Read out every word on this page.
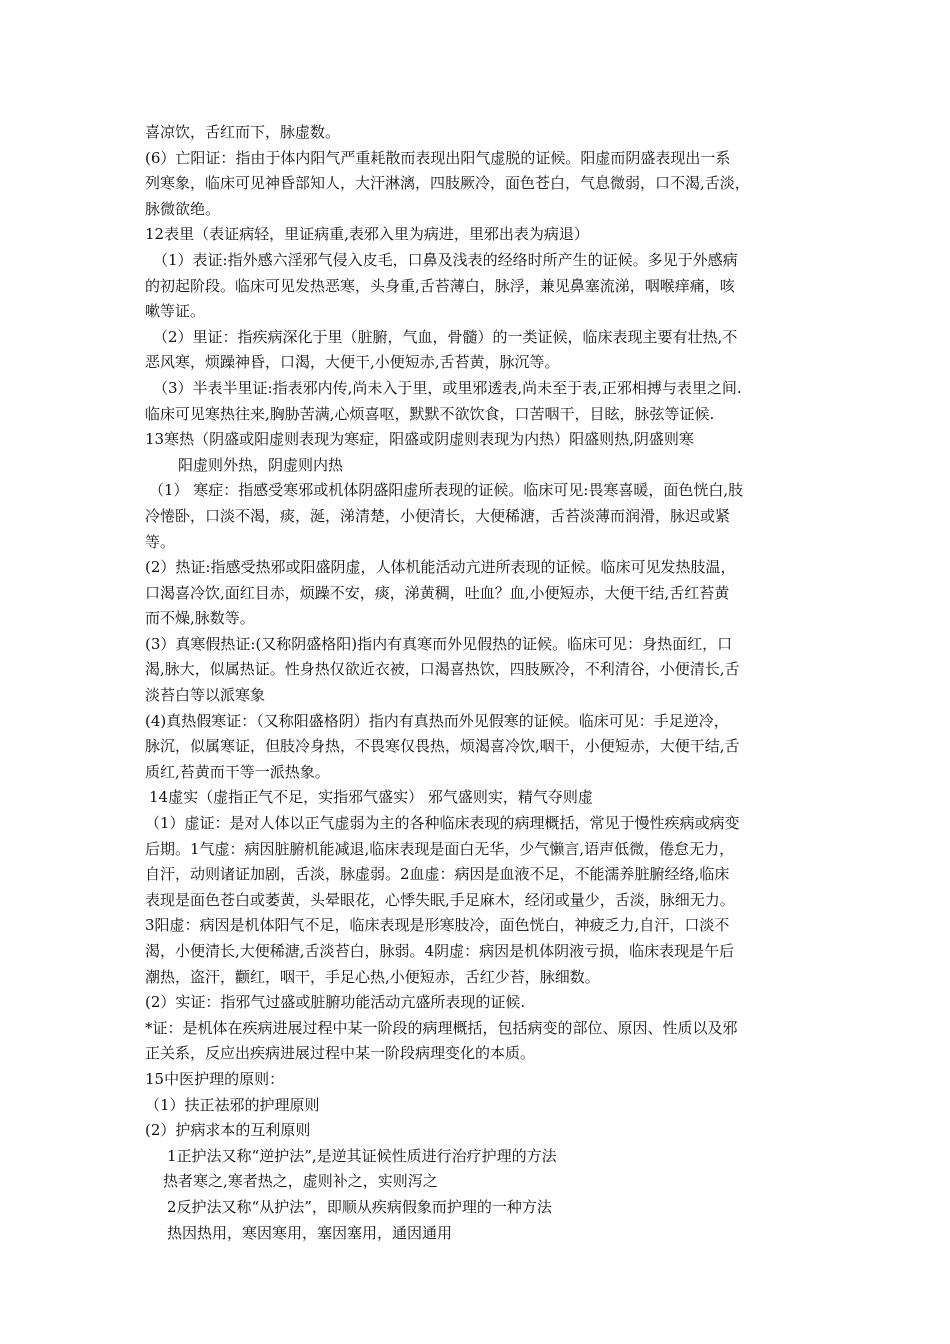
喜凉饮，舌红而下，脉虚数。
(6）亡阳证：指由于体内阳气严重耗散而表现出阳气虚脱的证候。阳虚而阴盛表现出一系
列寒象，临床可见神昏部知人，大汗淋漓，四肢厥冷，面色苍白，气息微弱，口不渴,舌淡，
脉微欲绝。
12表里（表证病轻，里证病重,表邪入里为病进，里邪出表为病退）
（1）表证:指外感六淫邪气侵入皮毛，口鼻及浅表的经络时所产生的证候。多见于外感病
的初起阶段。临床可见发热恶寒，头身重,舌苔薄白，脉浮，兼见鼻塞流涕，咽喉痒痛，咳
嗽等证。
（2）里证：指疾病深化于里（脏腑，气血，骨髓）的一类证候，临床表现主要有壮热,不
恶风寒，烦躁神昏，口渴，大便干,小便短赤,舌苔黄，脉沉等。
（3）半表半里证:指表邪内传,尚未入于里，或里邪透表,尚未至于表,正邪相搏与表里之间.
临床可见寒热往来,胸胁苦满,心烦喜呕，默默不欲饮食，口苦咽干，目眩，脉弦等证候.
13寒热（阴盛或阳虚则表现为寒症，阳盛或阴虚则表现为内热）阳盛则热,阴盛则寒
阳虚则外热，阴虚则内热
（1） 寒症：指感受寒邪或机体阴盛阳虚所表现的证候。临床可见:畏寒喜暖，面色恍白,肢
冷惓卧，口淡不渴，痰，涎，涕清楚，小便清长，大便稀溏，舌苔淡薄而润滑，脉迟或紧
等。
(2）热证:指感受热邪或阳盛阴虚，人体机能活动亢进所表现的证候。临床可见发热肢温，
口渴喜冷饮,面红目赤，烦躁不安，痰，涕黄稠，吐血？血,小便短赤，大便干结,舌红苔黄
而不燥,脉数等。
(3）真寒假热证:(又称阴盛格阳)指内有真寒而外见假热的证候。临床可见：身热面红，口
渴,脉大，似属热证。性身热仅欲近衣被，口渴喜热饮，四肢厥冷，不利清谷，小便清长,舌
淡苔白等以派寒象
(4)真热假寒证：（又称阳盛格阴）指内有真热而外见假寒的证候。临床可见：手足逆冷，
脉沉，似属寒证，但肢冷身热，不畏寒仅畏热，烦渴喜冷饮,咽干，小便短赤，大便干结,舌
质红,苔黄而干等一派热象。
14虚实（虚指正气不足，实指邪气盛实） 邪气盛则实，精气夺则虚
（1）虚证：是对人体以正气虚弱为主的各种临床表现的病理概括，常见于慢性疾病或病变
后期。1气虚：病因脏腑机能减退,临床表现是面白无华，少气懒言,语声低微，倦怠无力，
自汗，动则诸证加剧，舌淡，脉虚弱。2血虚：病因是血液不足，不能濡养脏腑经络,临床
表现是面色苍白或萎黄，头晕眼花，心悸失眠,手足麻木，经闭或量少，舌淡，脉细无力。
3阳虚：病因是机体阳气不足，临床表现是形寒肢冷，面色恍白，神疲乏力,自汗，口淡不
渴，小便清长,大便稀溏,舌淡苔白，脉弱。4阴虚：病因是机体阴液亏损，临床表现是午后
潮热，盗汗，颧红，咽干，手足心热,小便短赤，舌红少苔，脉细数。
(2）实证：指邪气过盛或脏腑功能活动亢盛所表现的证候.
*证：是机体在疾病进展过程中某一阶段的病理概括，包括病变的部位、原因、性质以及邪
正关系，反应出疾病进展过程中某一阶段病理变化的本质。
15中医护理的原则：
（1）扶正祛邪的护理原则
(2）护病求本的互利原则
1正护法又称“逆护法”,是逆其证候性质进行治疗护理的方法
热者寒之,寒者热之，虚则补之，实则泻之
2反护法又称“从护法”，即顺从疾病假象而护理的一种方法
热因热用，寒因寒用，塞因塞用，通因通用
